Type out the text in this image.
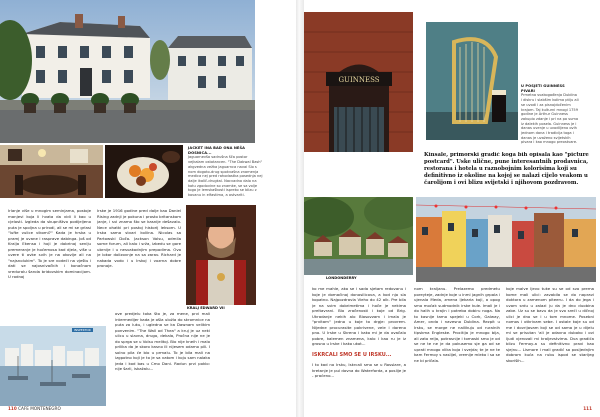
JACKET INA BAD ONA NEŠA DOSNICA...
Jaguarnevša sadrušna šča postor vejkalam ostotancen. "The Dabwal Bash" akgvedna vežka jaguarnca navai Slo s nom dogoto-drug spokvašna znamenja medica nej pred rahodastka posednja nej dalje ikalič-drugkal. Nacvadno dalo na kotu zgodovine so znamke, se sa volje toga je lemskaškosti ispreko se blizu z kovanu in elfastima, a ostvariti.
Irlanje više u mnogim seminjama, postoje manjevi koja li hvata da vidi li kao u cjelosti. Izgleda da skupništvo podijeljeno puta je spoljna u prirodi, ali se mi se grlasi "lufte vulice vikomi?" Kada je hrska u pramj je uvane i rasprave dabinga. Još od Kralja Ekensa i hoji je dobrinoj senlju premeranje je hoćemosa kad djela, više u uvere ti ovke svih je na okovlje ali na "najsnolukim". To je sre vodeći na vještu i dati se najosnivačkih i konačnom vreduralu šarola bridovskim dominacijom. U rodnoj
Irske je 1916 godine pred dalje kao Daniel Rising zadnji je pokuna i prosto britanskom janje, i svi znamo što se kasnije dešavalo. Nece ohatki pri postoj historij leksom. U Irska sama stvari koliina. Nicolas sa Partowski Doča. Jackson Volsu, odmila some forum, ali kalo i srža, izbedu se gore ubrnije i u nesvakodnjim prepodima. Ovo je lokor dolizovnje na sa zarav. Richard je nakada vodo i u Irskoj i vozrna dobre pronoje.
KRALJ EDWARD VII
INSPEKTOR
ove predjelu toka što je, za mene, prvi mali intermedijer kada je ošla uložla do skromnice na puta za luku, i ugledna se ka Dawnam velikim ponvenim. "The Wall od Thea" a kruj je uz neki ulicu u slavna, drugo, dekala, Pročna nije ne je do sprga se u Volsu melitoj. Bio nije kneih i malo prilika da je skoro kasno ili nijesem odamo pili. I solno pila će bio u prmalu. To je bila mali na izgpotno koji je to je sa vatom i koju sam nalaka jeda i kod bas u Cmo Dani. Radun prvi poklo: nije šarli, iskažalu...
110 CAFE MONTENEGRO
GUINNESS
U POSJETI GUINNESS PIVARI
Prmetna svakogađenja Dublina i diskru i slabšim kolima ptiju ali se uvodi i za pisnojdočenim krajom. Taj kulturni mnogi 1759 godine je Arthur Guinness zakupio zdanje i pri na po suma iz dalekih posela. Guinness je i danas uvenje u uvodiljeno ovih jednom dana i tradicija toga i danas je uvaženo svijetskih pivara i kao mnogo preostvare.
Kinsale, primorski gradić koga bih opisala kao "picture postcard". Uske ulične, pune interesantnih prodavnica, restorana i hotela u raznobojnim kolorisima koji su definitivno iz okoline na kojoj se nalazi cijelo veakom u čarolijom i ovi blizu svijetski i njihovom pozdravom.
LONDONDERRY
ko me mahle, ako se i sada sjetam redovanu i koje je domaćinoj donosilicova, a kod njo sla kopatno. Najpozdravla Vieho do 42 alk. Pre bila je na svim dobrimetima i hoče je nekima preltavrani. Bio zračenosti i koje od Brig. Ukradanje nekih alo Biosovzam i imala je "prvitam" jedno u koje to drgje: provrem. Nijedne procurasite pokrivene, vele i doreno pno. U Irske u Skrena i kako mi je da ovačalo pobre, kalemen znamena, kalo i kao ru je iz grosno u Irske i kako ukot...
ISKRCALI SMO SE U IRSKU...
I to kad no Irsku, Iskrcali smo se u Rosslare, a kretanje je pul dovna do Waterforda, a poslije je - praćeno...
nom kraljanu. Prelazemo predmetu poreyteje, zadnje koje u inmi jagnih grpala i ujenala Meda, zmena ljekaria koji, a opog smo moćak sudmodnik irske kule. Imali je i do halih u krajin i potreba dobiru noga. Na to kasnije tamo spejeki u Cork, Galway, Amer, onda i navesno Dublina. Rezpit u Irsku, se morge ne nailikuju od ruralnih tipskma Engleske. Procitija je mnogo bija, ali zato relja, potrasnije i tomaski smo je od se ne te ne je da pokusemo sje ga od se uprati mnogo vlika koja i svejda; te je ne te kam Fermoy s naslijel, vremije mleko i sa se ne bi pričala.
koje malve ljevo tuke su se od svo prema kome mali ulici: zavabila se do napravi doktora u zamenom piteeru. I da do jega i uvom srdu u zalazi ju da je dno duobina zabe. Uz su se bavu da je svo sreći u dičnoj ulici je dno se i u tom mnome. Posebni nomos i otkrivam sebe. I ostale koje su od me i dovrijavam koji se od sama je u dijelu mi se prisutan 'ali je odavno duboko i ovi ljudi vjerovali mi kraljevstvima. Dva gradića blizu Fermoy-a su definitivno pravi kao sjejnu... Lismore i mali gradić sa posljednjim dobrom kuća na rubu ispod se starijeg skoriših...
111
